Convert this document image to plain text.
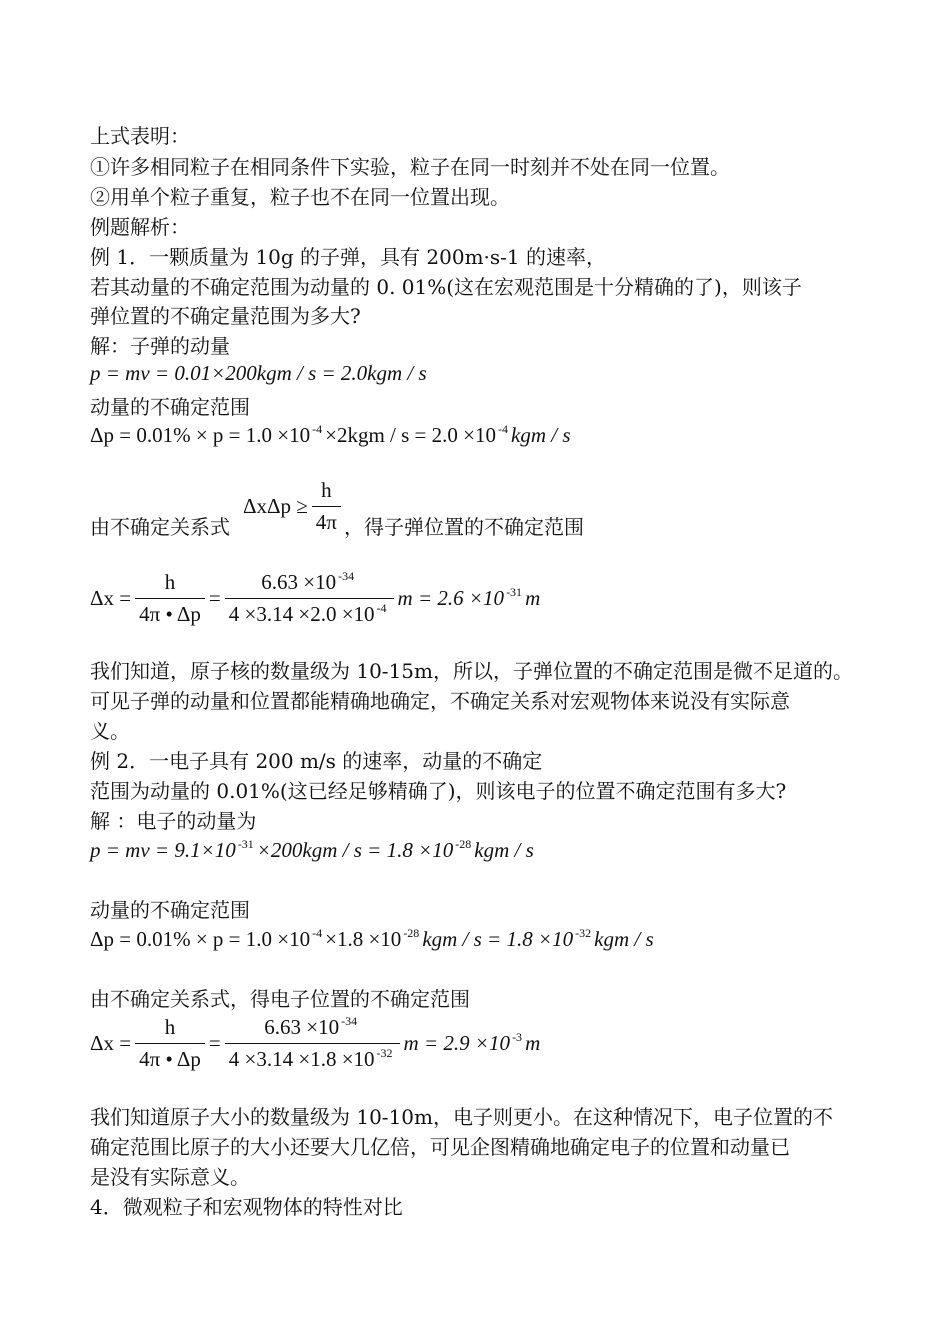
上式表明：
①许多相同粒子在相同条件下实验，粒子在同一时刻并不处在同一位置。
②用单个粒子重复，粒子也不在同一位置出现。
例题解析：
例 1．一颗质量为 10g 的子弹，具有 200m·s-1 的速率，
若其动量的不确定范围为动量的 0. 01%(这在宏观范围是十分精确的了)，则该子
弹位置的不确定量范围为多大?
解：子弹的动量
p = mv = 0.01×200kgm / s = 2.0kgm / s
动量的不确定范围
Δp = 0.01% × p = 1.0 ×10 $^{-4}$ ×2kgm / s = 2.0 ×10 $^{-4}$ kgm / s
由不确定关系式
$\Delta x\Delta p \ge \frac{h}{4\pi}$ ，得子弹位置的不确定范围
$\Delta x = \frac{h}{4\pi • \Delta p} = \frac{6.63 \times 10 ^{-34}}{4 \times 3.14 \times 2.0 \times 10 ^{-4}}$ m = 2.6 ×10 $^{-31}$ m
我们知道，原子核的数量级为 10-15m，所以，子弹位置的不确定范围是微不足道的。
可见子弹的动量和位置都能精确地确定，不确定关系对宏观物体来说没有实际意
义。
例 2．一电子具有 200 m/s 的速率，动量的不确定
范围为动量的 0.01%(这已经足够精确了)，则该电子的位置不确定范围有多大?
解 ：电子的动量为
p = mv = 9.1×10 $^{-31}$ ×200kgm / s = 1.8 ×10 $^{-28}$ kgm / s
动量的不确定范围
Δp = 0.01% × p = 1.0 ×10 $^{-4}$ ×1.8 ×10 $^{-28}$ kgm / s = 1.8 ×10 $^{-32}$ kgm / s
由不确定关系式，得电子位置的不确定范围
$\Delta x = \frac{h}{4\pi • \Delta p} = \frac{6.63 \times 10 ^{-34}}{4 \times 3.14 \times 1.8 \times 10 ^{-32}}$ m = 2.9 ×10 $^{-3}$ m
我们知道原子大小的数量级为 10-10m，电子则更小。在这种情况下，电子位置的不
确定范围比原子的大小还要大几亿倍，可见企图精确地确定电子的位置和动量已
是没有实际意义。
4．微观粒子和宏观物体的特性对比
